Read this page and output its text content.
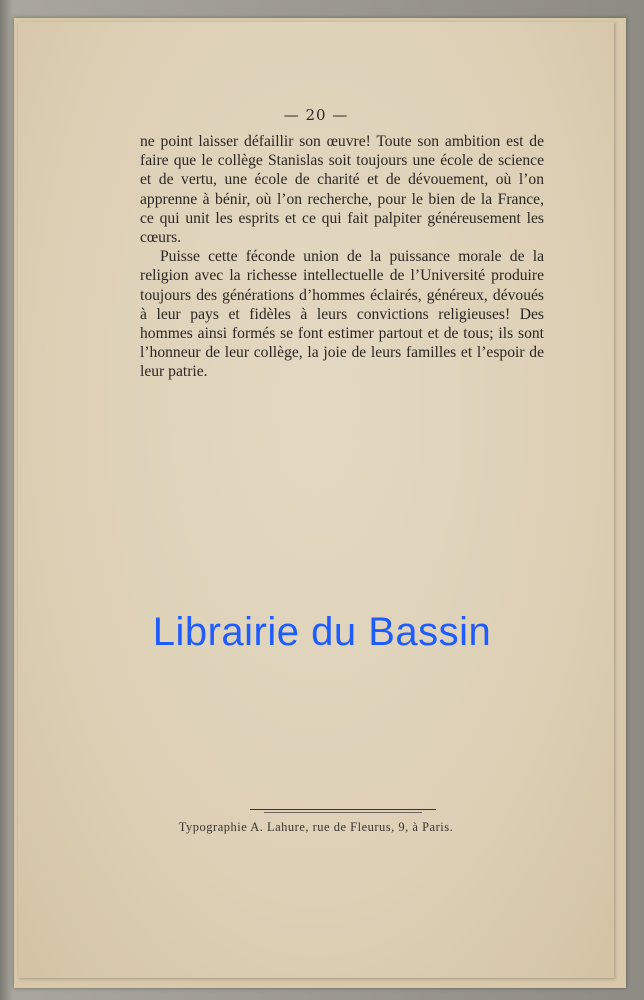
— 20 —

ne point laisser défaillir son œuvre! Toute son ambition est de faire que le collège Stanislas soit toujours une école de science et de vertu, une école de charité et de dévouement, où l’on apprenne à bénir, où l’on recherche, pour le bien de la France, ce qui unit les esprits et ce qui fait palpiter généreusement les cœurs.

Puisse cette féconde union de la puissance morale de la religion avec la richesse intellectuelle de l’Université produire toujours des générations d’hommes éclairés, généreux, dévoués à leur pays et fidèles à leurs convictions religieuses! Des hommes ainsi formés se font estimer partout et de tous; ils sont l’honneur de leur collège, la joie de leurs familles et l’espoir de leur patrie.

Typographie A. Lahure, rue de Fleurus, 9, à Paris.
Librairie du Bassin
